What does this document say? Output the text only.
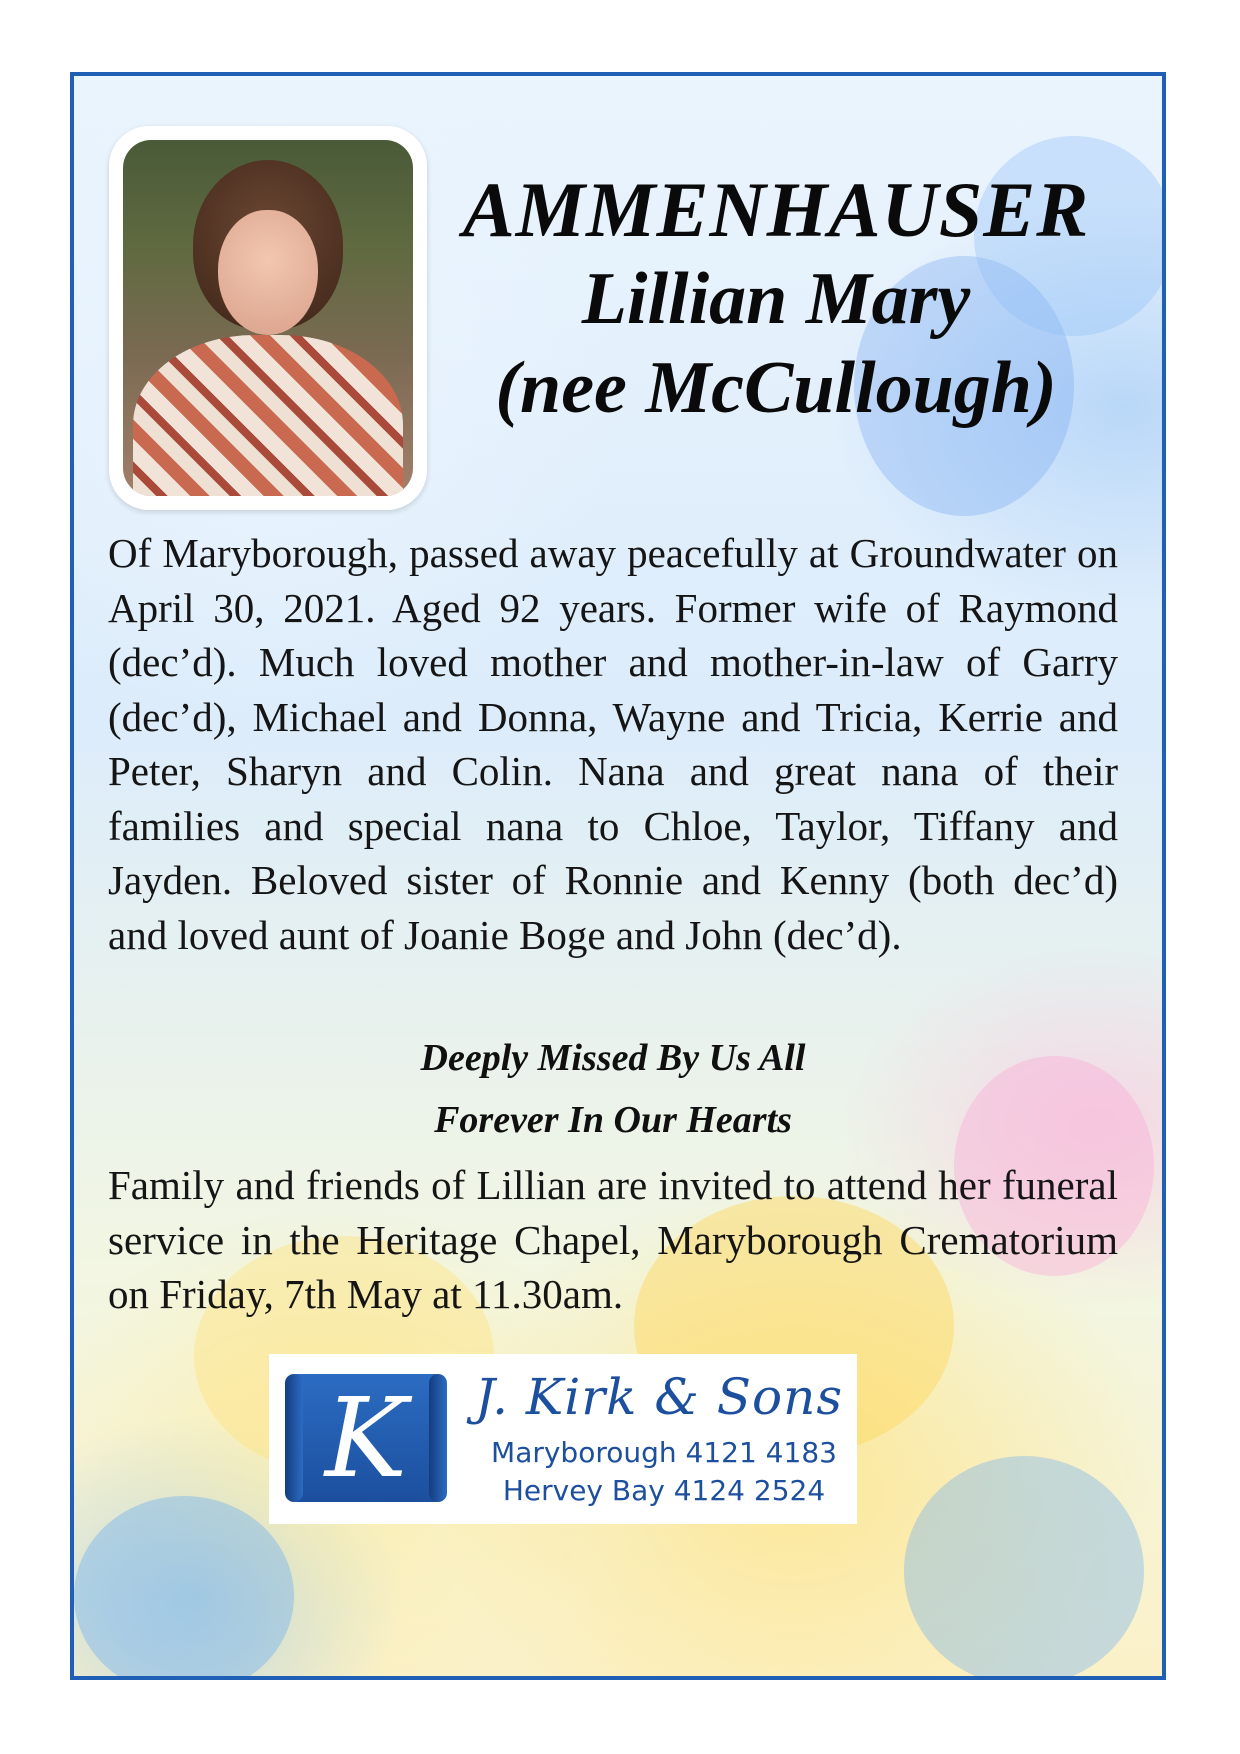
AMMENHAUSER
Lillian Mary
(nee McCullough)
Of Maryborough, passed away peacefully at Groundwater on April 30, 2021. Aged 92 years. Former wife of Raymond (dec’d). Much loved mother and mother-in-law of Garry (dec’d), Michael and Donna, Wayne and Tricia, Kerrie and Peter, Sharyn and Colin. Nana and great nana of their families and special nana to Chloe, Taylor, Tiffany and Jayden. Beloved sister of Ronnie and Kenny (both dec’d) and loved aunt of Joanie Boge and John (dec’d).
Deeply Missed By Us All
Forever In Our Hearts
Family and friends of Lillian are invited to attend her funeral service in the Heritage Chapel, Maryborough Crematorium on Friday, 7th May at 11.30am.
K	J. Kirk & Sons
Maryborough 4121 4183
Hervey Bay 4124 2524
